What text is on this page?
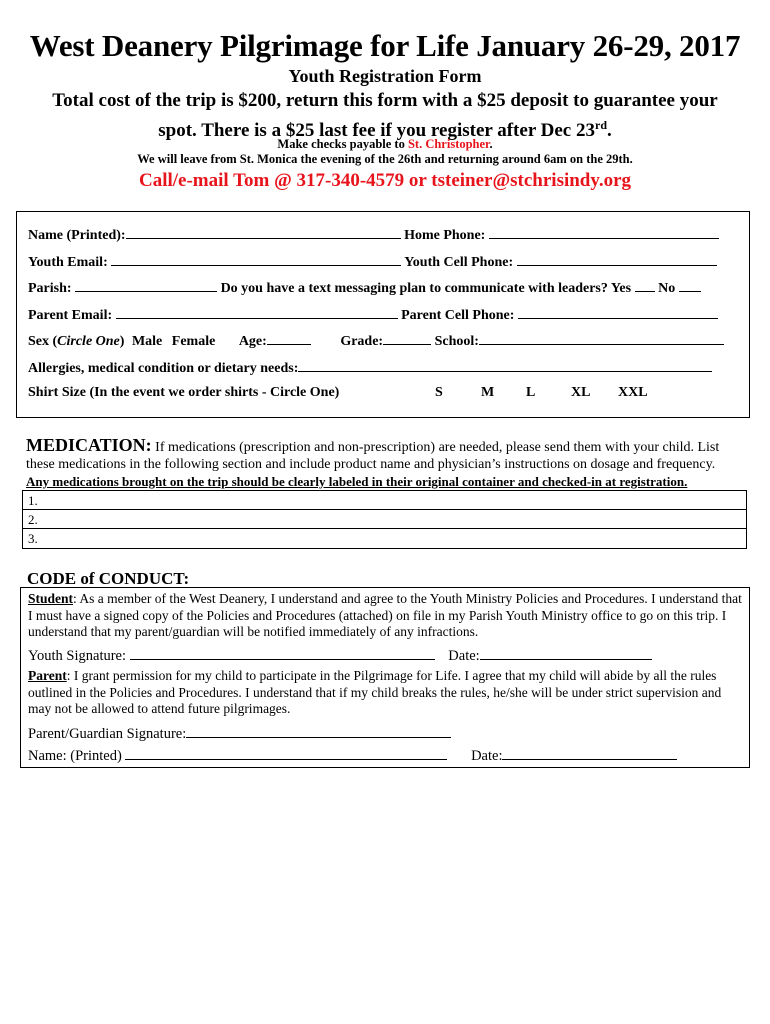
West Deanery Pilgrimage for Life January 26-29, 2017
Youth Registration Form
Total cost of the trip is $200, return this form with a $25 deposit to guarantee your
spot. There is a $25 last fee if you register after Dec 23rd.
Make checks payable to St. Christopher.
We will leave from St. Monica the evening of the 26th and returning around 6am on the 29th.
Call/e-mail Tom @ 317-340-4579 or tsteiner@stchrisindy.org
Name (Printed):	Home Phone:
Youth Email:	Youth Cell Phone:
Parish:	Do you have a text messaging plan to communicate with leaders? Yes No
Parent Email:	Parent Cell Phone:
Sex (Circle One) Male Female Age:	Grade:	School:
Allergies, medical condition or dietary needs:
Shirt Size (In the event we order shirts - Circle One)	S	M L	XL XXL
MEDICATION: If medications (prescription and non-prescription) are needed, please send them with your child. List
these medications in the following section and include product name and physician’s instructions on dosage and frequency.
Any medications brought on the trip should be clearly labeled in their original container and checked-in at registration.
1.
2.
3.
CODE of CONDUCT:
Student: As a member of the West Deanery, I understand and agree to the Youth Ministry Policies and Procedures. I understand that I must have a signed copy of the Policies and Procedures (attached) on file in my Parish Youth Ministry office to go on this trip. I understand that my parent/guardian will be notified immediately of any infractions.
Youth Signature:	Date:
Parent: I grant permission for my child to participate in the Pilgrimage for Life. I agree that my child will abide by all the rules outlined in the Policies and Procedures. I understand that if my child breaks the rules, he/she will be under strict supervision and may not be allowed to attend future pilgrimages.
Parent/Guardian Signature:
Name: (Printed)	Date:
